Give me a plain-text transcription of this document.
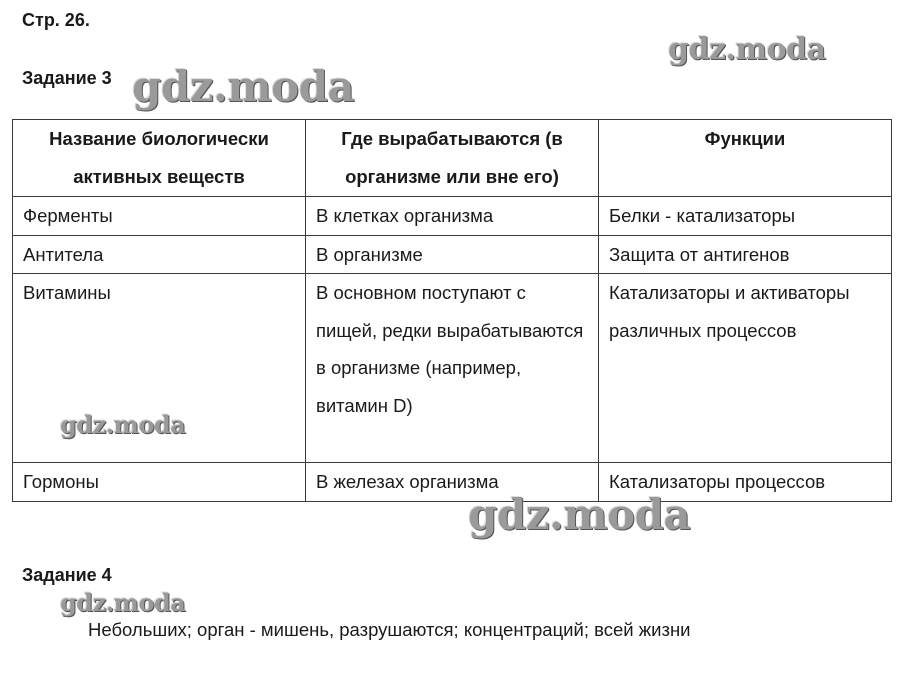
Стр. 26.
Задание 3
Название биологически активных веществ	Где вырабатываются (в организме или вне его)	Функции
Ферменты	В клетках организма	Белки - катализаторы
Антитела	В организме	Защита от антигенов
Витамины	В основном поступают с пищей, редки вырабатываются в организме (например, витамин D)	Катализаторы и активаторы различных процессов
Гормоны	В железах организма	Катализаторы процессов
Задание 4
Небольших; орган - мишень, разрушаются; концентраций; всей жизни
gdz.moda
gdz.moda
gdz.moda
gdz.moda
gdz.moda
